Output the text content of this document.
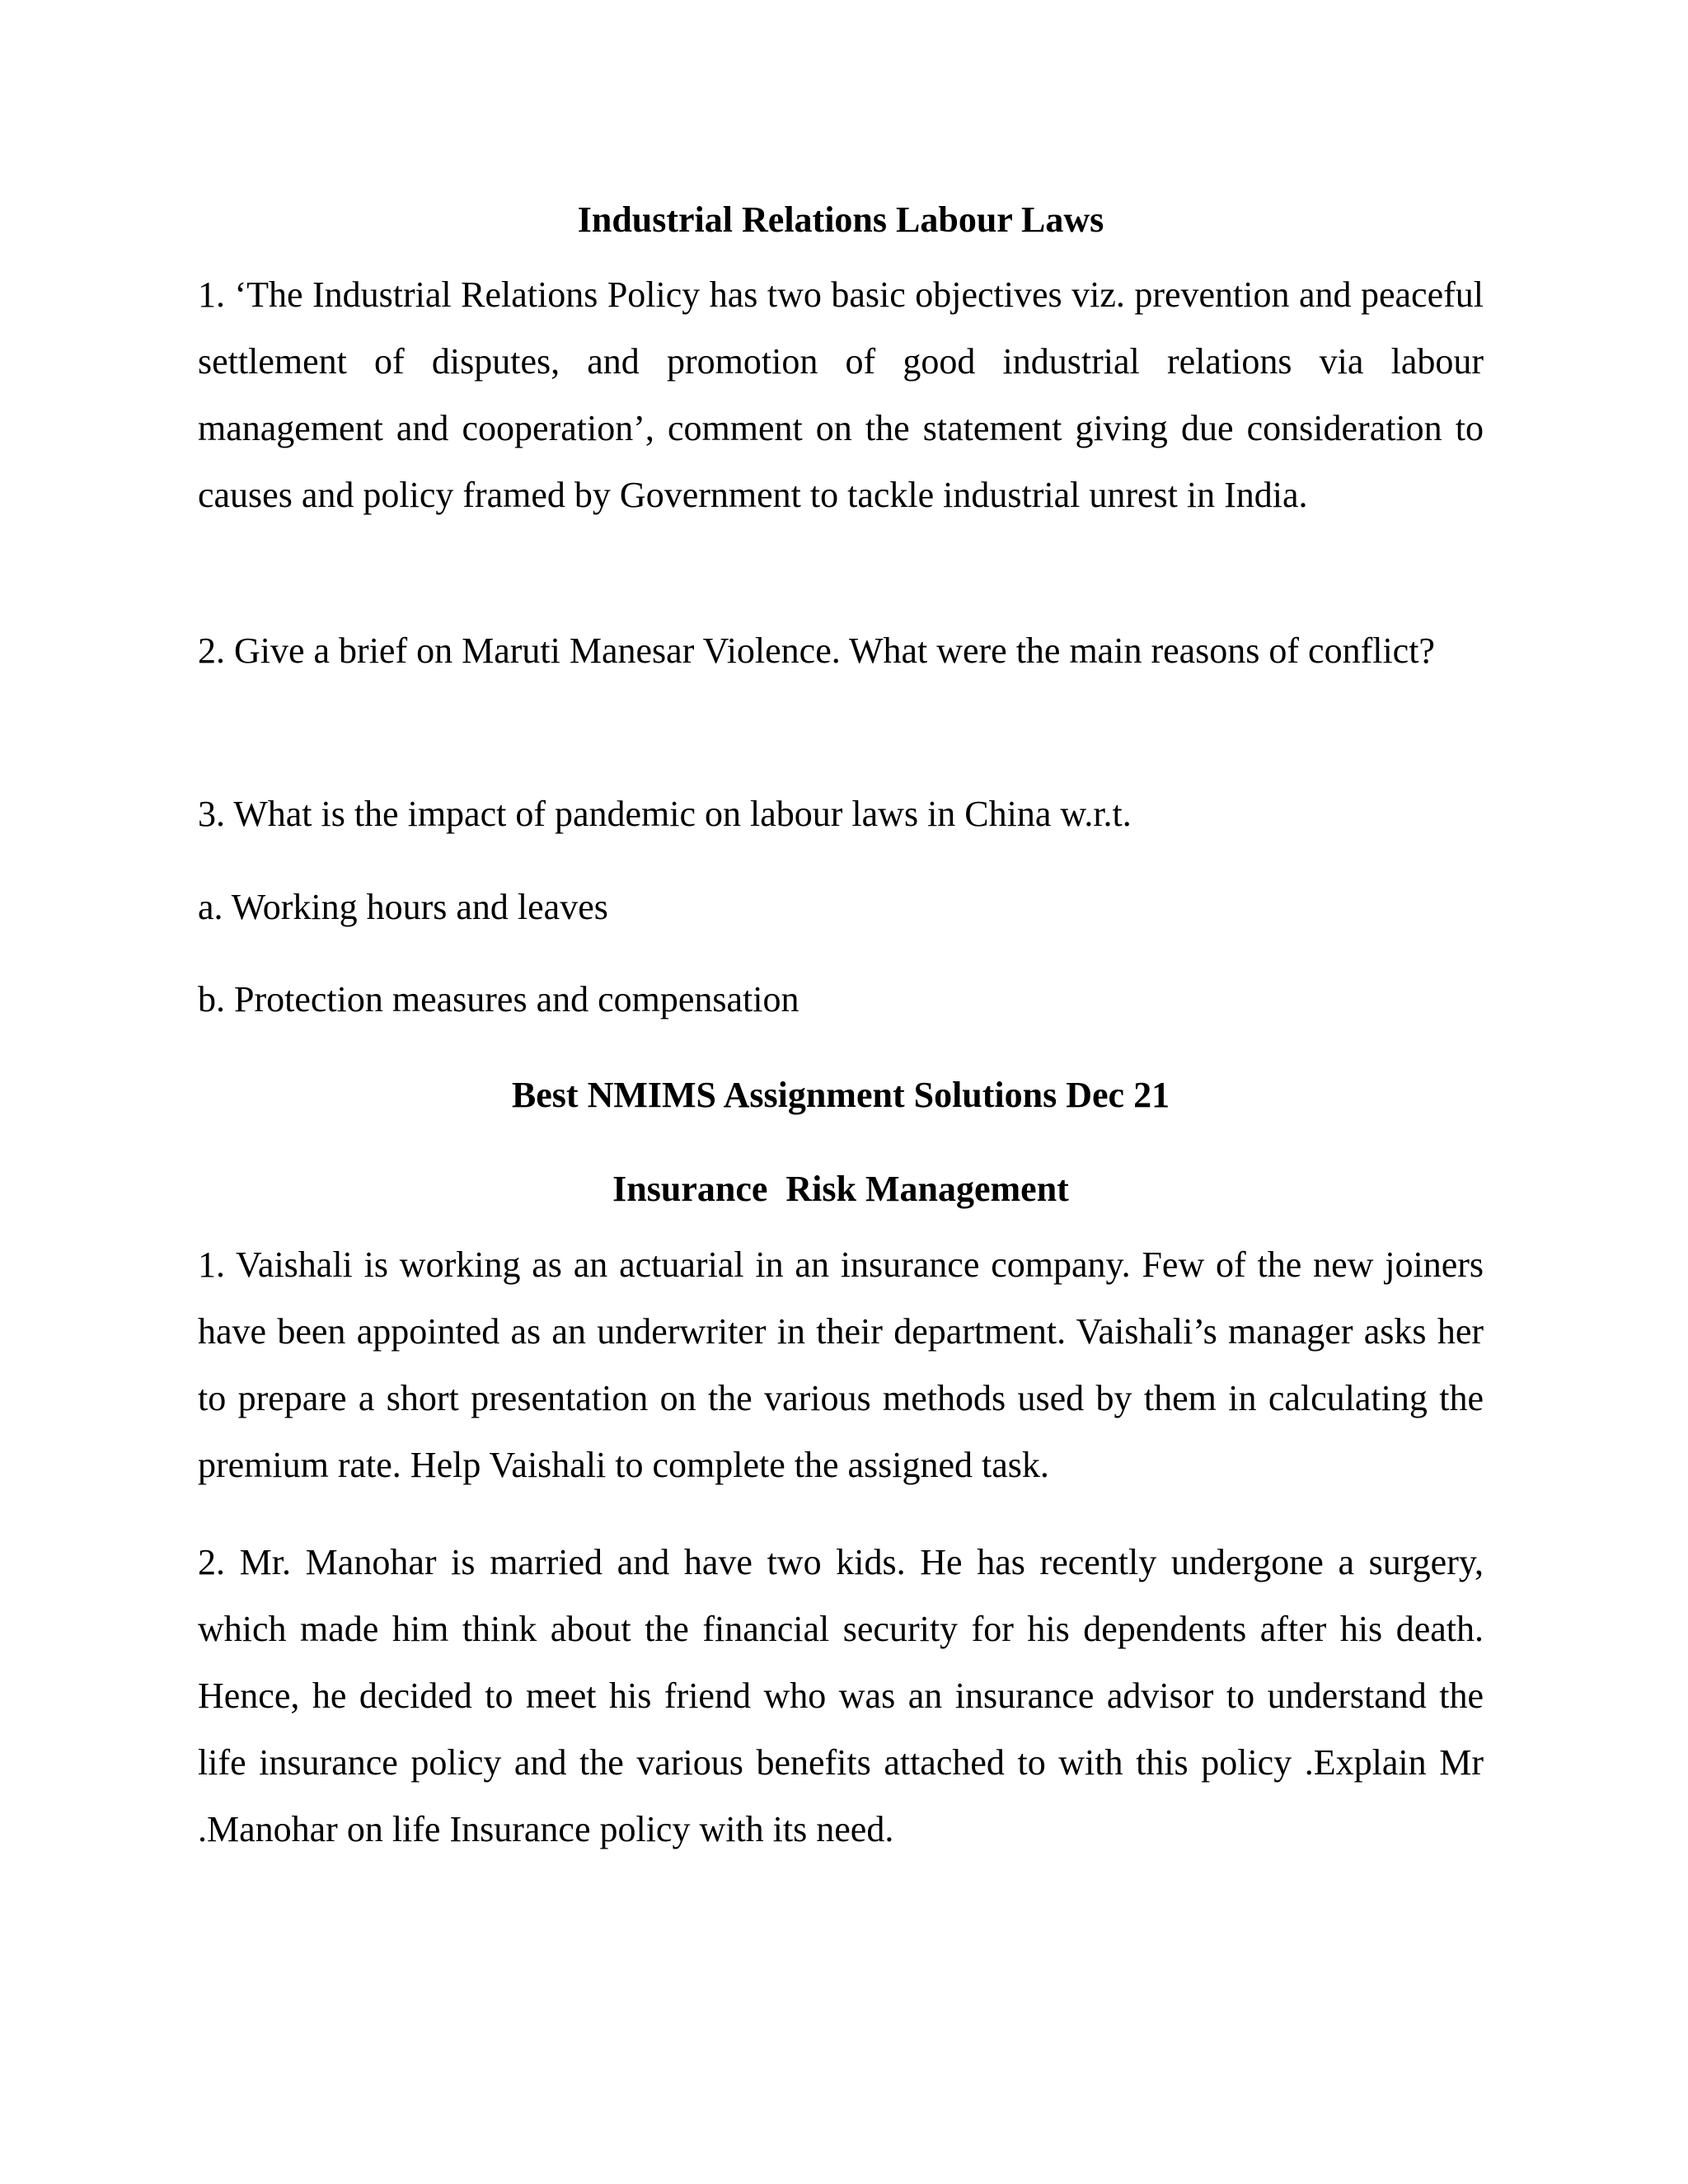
Industrial Relations Labour Laws

1. ‘The Industrial Relations Policy has two basic objectives viz. prevention and peaceful settlement of disputes, and promotion of good industrial relations via labour management and cooperation’, comment on the statement giving due consideration to causes and policy framed by Government to tackle industrial unrest in India.

2. Give a brief on Maruti Manesar Violence. What were the main reasons of conflict?

3. What is the impact of pandemic on labour laws in China w.r.t.

a. Working hours and leaves

b. Protection measures and compensation

Best NMIMS Assignment Solutions Dec 21
Insurance  Risk Management

1. Vaishali is working as an actuarial in an insurance company. Few of the new joiners have been appointed as an underwriter in their department. Vaishali’s manager asks her to prepare a short presentation on the various methods used by them in calculating the premium rate. Help Vaishali to complete the assigned task.

2. Mr. Manohar is married and have two kids. He has recently undergone a surgery, which made him think about the financial security for his dependents after his death. Hence, he decided to meet his friend who was an insurance advisor to understand the life insurance policy and the various benefits attached to with this policy .Explain Mr .Manohar on life Insurance policy with its need.
